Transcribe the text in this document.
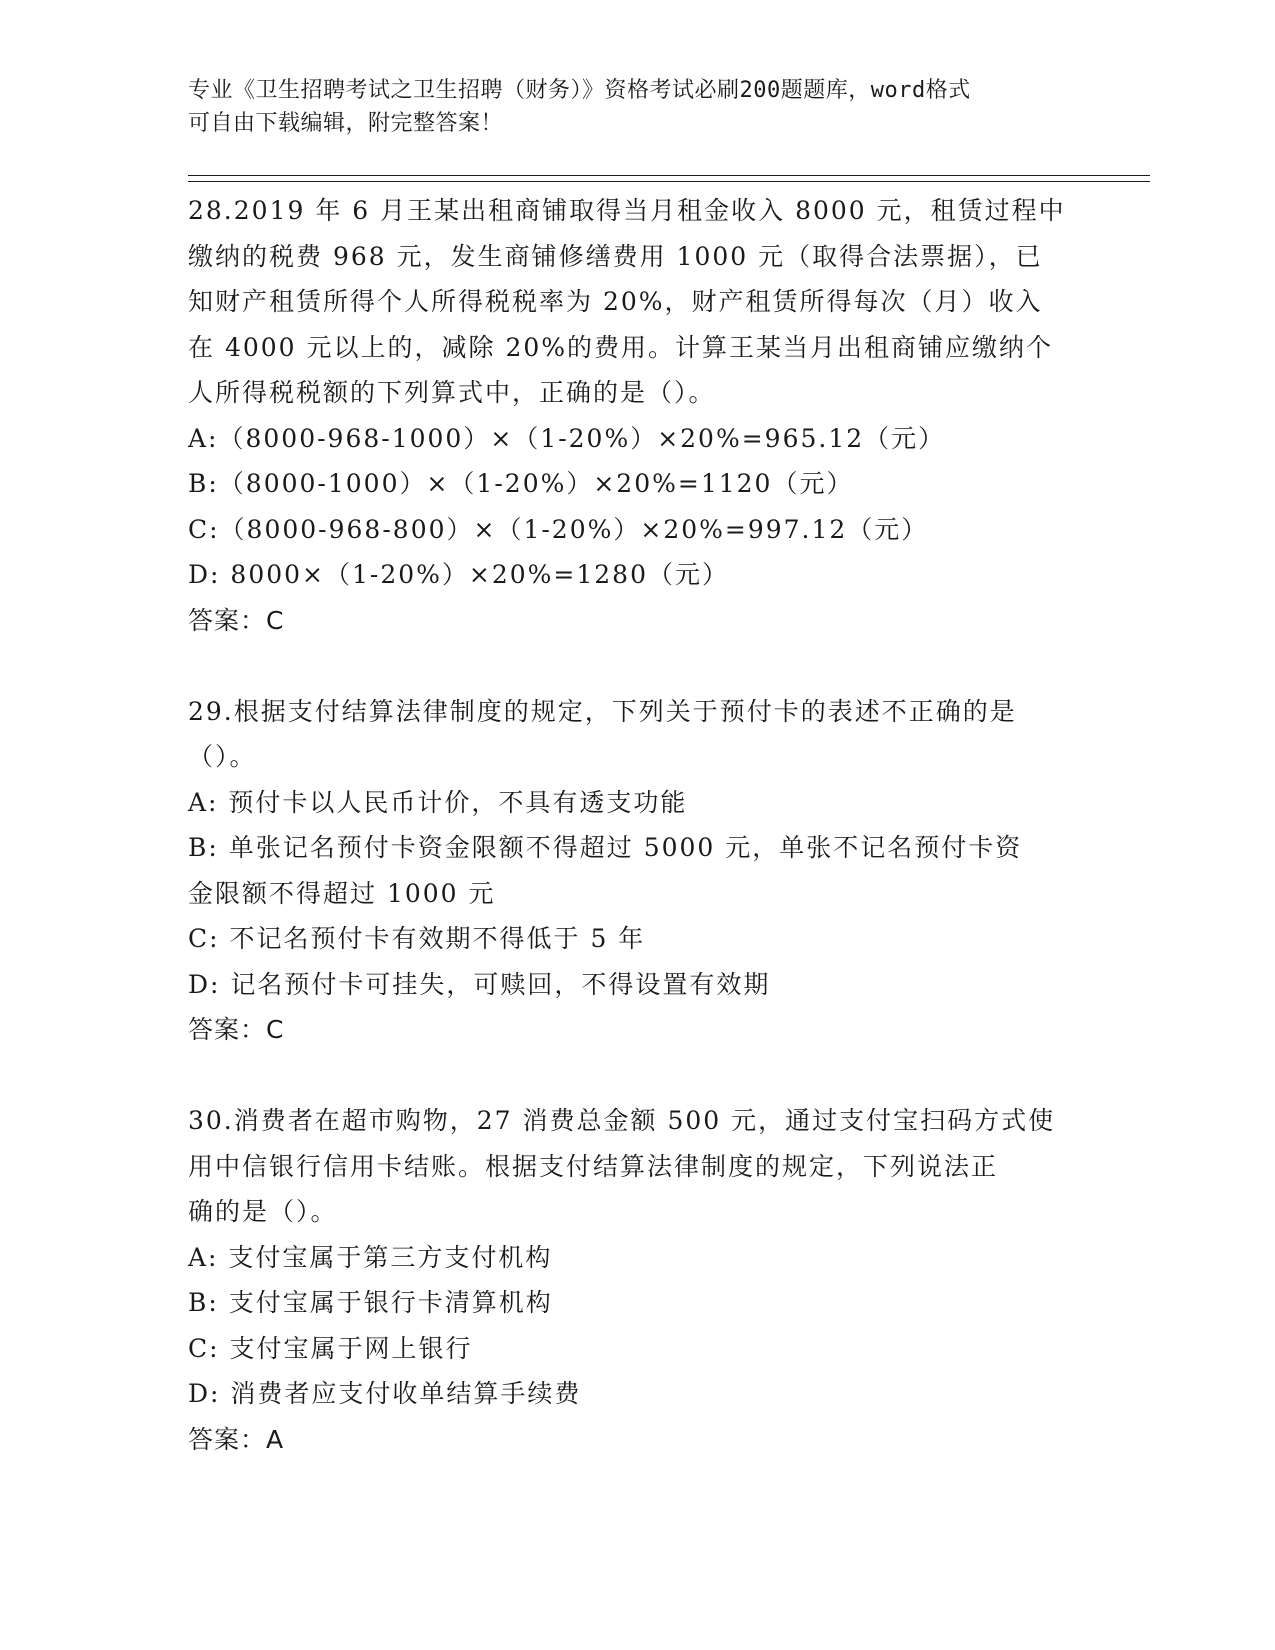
专业《卫生招聘考试之卫生招聘（财务）》资格考试必刷200题题库，word格式
可自由下载编辑，附完整答案！
28.2019 年 6 月王某出租商铺取得当月租金收入 8000 元，租赁过程中
缴纳的税费 968 元，发生商铺修缮费用 1000 元（取得合法票据），已
知财产租赁所得个人所得税税率为 20%，财产租赁所得每次（月）收入
在 4000 元以上的，减除 20%的费用。计算王某当月出租商铺应缴纳个
人所得税税额的下列算式中，正确的是（）。
A:（8000-968-1000）×（1-20%）×20%=965.12（元）
B:（8000-1000）×（1-20%）×20%=1120（元）
C:（8000-968-800）×（1-20%）×20%=997.12（元）
D: 8000×（1-20%）×20%=1280（元）
答案：C
29.根据支付结算法律制度的规定，下列关于预付卡的表述不正确的是
（）。
A: 预付卡以人民币计价，不具有透支功能
B: 单张记名预付卡资金限额不得超过 5000 元，单张不记名预付卡资
金限额不得超过 1000 元
C: 不记名预付卡有效期不得低于 5 年
D: 记名预付卡可挂失，可赎回，不得设置有效期
答案：C
30.消费者在超市购物，27 消费总金额 500 元，通过支付宝扫码方式使
用中信银行信用卡结账。根据支付结算法律制度的规定，下列说法正
确的是（）。
A: 支付宝属于第三方支付机构
B: 支付宝属于银行卡清算机构
C: 支付宝属于网上银行
D: 消费者应支付收单结算手续费
答案：A
